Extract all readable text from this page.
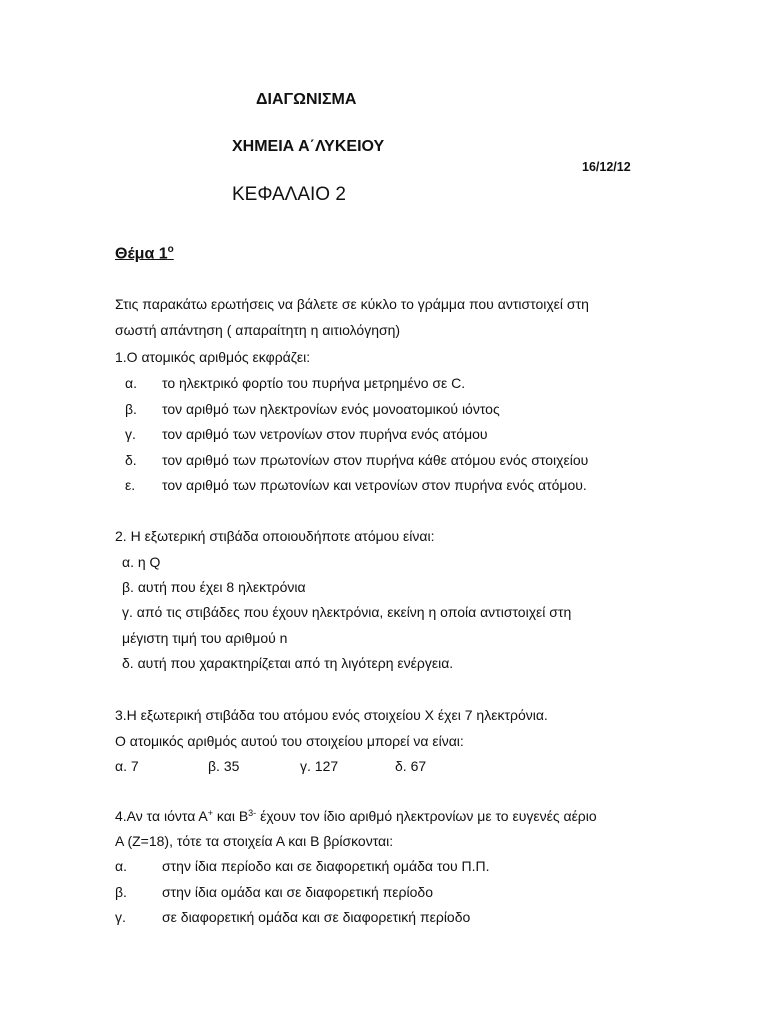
ΔΙΑΓΩΝΙΣΜΑ
ΧΗΜΕΙΑ Α΄ΛΥΚΕΙΟΥ
16/12/12
ΚΕΦΑΛΑΙΟ 2
Θέμα $1^o$
Στις παρακάτω ερωτήσεις να βάλετε σε κύκλο το γράμμα που αντιστοιχεί στη
σωστή απάντηση ( απαραίτητη η αιτιολόγηση)
1.Ο ατομικός αριθμός εκφράζει:
α. το ηλεκτρικό φορτίο του πυρήνα μετρημένο σε C.
β. τον αριθμό των ηλεκτρονίων ενός μονοατομικού ιόντος
γ. τον αριθμό των νετρονίων στον πυρήνα ενός ατόμου
δ. τον αριθμό των πρωτονίων στον πυρήνα κάθε ατόμου ενός στοιχείου
ε. τον αριθμό των πρωτονίων και νετρονίων στον πυρήνα ενός ατόμου.
2. Η εξωτερική στιβάδα οποιουδήποτε ατόμου είναι:
α. η Q
β. αυτή που έχει 8 ηλεκτρόνια
γ. από τις στιβάδες που έχουν ηλεκτρόνια, εκείνη η οποία αντιστοιχεί στη
μέγιστη τιμή του αριθμού n
δ. αυτή που χαρακτηρίζεται από τη λιγότερη ενέργεια.
3.Η εξωτερική στιβάδα του ατόμου ενός στοιχείου Χ έχει 7 ηλεκτρόνια.
Ο ατομικός αριθμός αυτού του στοιχείου μπορεί να είναι:
α. 7	β. 35	γ. 127	δ. 67
4.Αν τα ιόντα Α+ και $B^{3-}$ έχουν τον ίδιο αριθμό ηλεκτρονίων με το ευγενές αέριο
Α (Ζ=18), τότε τα στοιχεία Α και Β βρίσκονται:
α.	στην ίδια περίοδο και σε διαφορετική ομάδα του Π.Π.
β.	στην ίδια ομάδα και σε διαφορετική περίοδο
γ.	σε διαφορετική ομάδα και σε διαφορετική περίοδο
